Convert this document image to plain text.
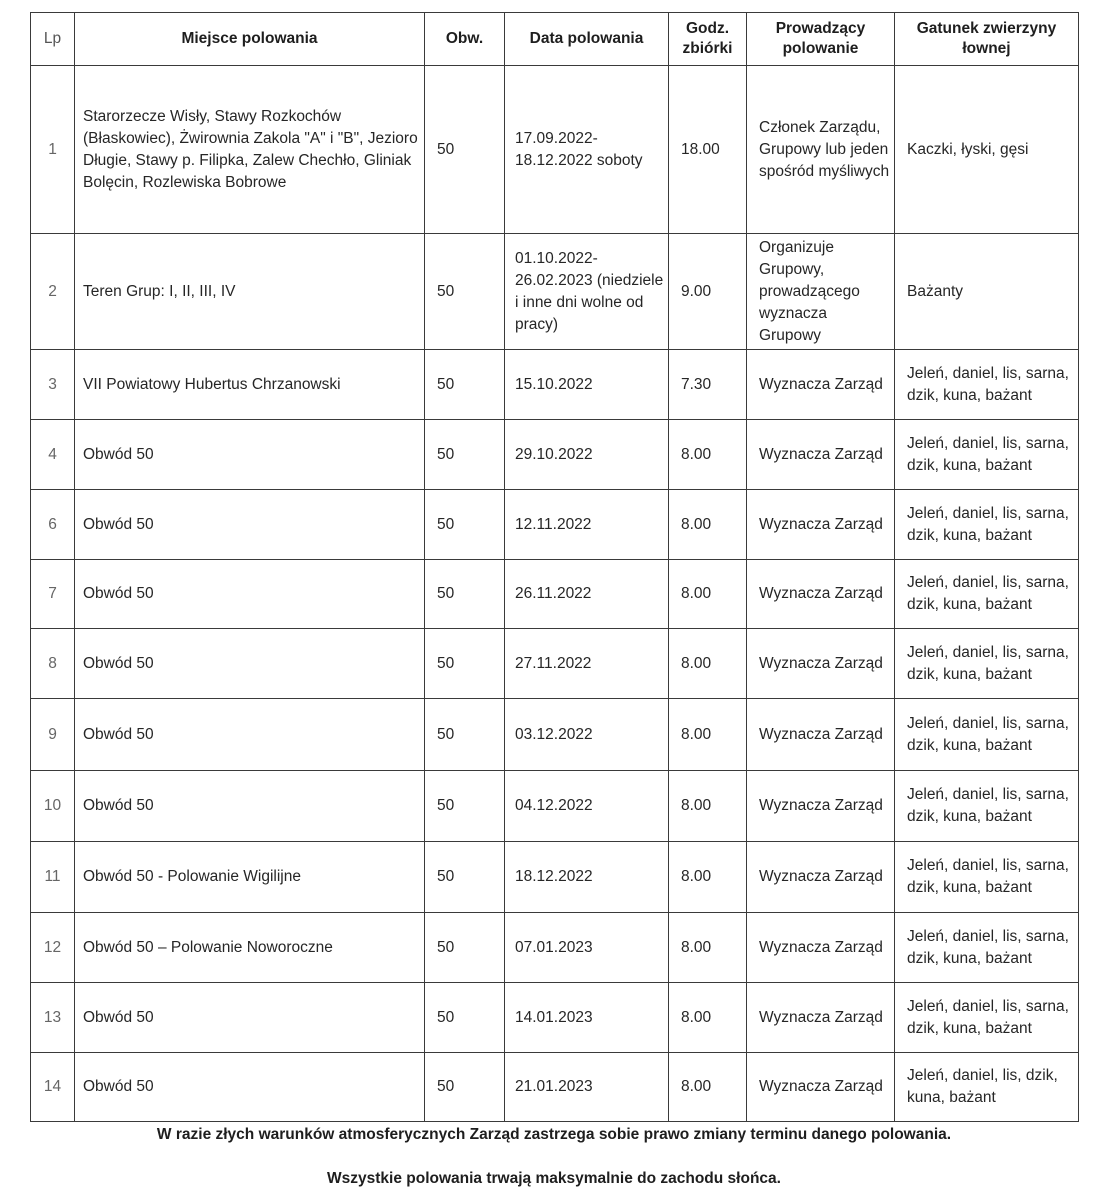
Lp	Miejsce polowania	Obw.	Data polowania	Godz. zbiórki	Prowadzący polowanie	Gatunek zwierzyny łownej
1	Starorzecze Wisły, Stawy Rozkochów (Błaskowiec), Żwirownia Zakola "A" i "B", Jezioro Długie, Stawy p. Filipka, Zalew Chechło, Gliniak Bolęcin, Rozlewiska Bobrowe	50	17.09.2022- 18.12.2022 soboty	18.00	Członek Zarządu, Grupowy lub jeden spośród myśliwych	Kaczki, łyski, gęsi
2	Teren Grup: I, II, III, IV	50	01.10.2022- 26.02.2023 (niedziele i inne dni wolne od pracy)	9.00	Organizuje Grupowy, prowadzącego wyznacza Grupowy	Bażanty
3	VII Powiatowy Hubertus Chrzanowski	50	15.10.2022	7.30	Wyznacza Zarząd	Jeleń, daniel, lis, sarna, dzik, kuna, bażant
4	Obwód 50	50	29.10.2022	8.00	Wyznacza Zarząd	Jeleń, daniel, lis, sarna, dzik, kuna, bażant
6	Obwód 50	50	12.11.2022	8.00	Wyznacza Zarząd	Jeleń, daniel, lis, sarna, dzik, kuna, bażant
7	Obwód 50	50	26.11.2022	8.00	Wyznacza Zarząd	Jeleń, daniel, lis, sarna, dzik, kuna, bażant
8	Obwód 50	50	27.11.2022	8.00	Wyznacza Zarząd	Jeleń, daniel, lis, sarna, dzik, kuna, bażant
9	Obwód 50	50	03.12.2022	8.00	Wyznacza Zarząd	Jeleń, daniel, lis, sarna, dzik, kuna, bażant
10	Obwód 50	50	04.12.2022	8.00	Wyznacza Zarząd	Jeleń, daniel, lis, sarna, dzik, kuna, bażant
11	Obwód 50 - Polowanie Wigilijne	50	18.12.2022	8.00	Wyznacza Zarząd	Jeleń, daniel, lis, sarna, dzik, kuna, bażant
12	Obwód 50 – Polowanie Noworoczne	50	07.01.2023	8.00	Wyznacza Zarząd	Jeleń, daniel, lis, sarna, dzik, kuna, bażant
13	Obwód 50	50	14.01.2023	8.00	Wyznacza Zarząd	Jeleń, daniel, lis, sarna, dzik, kuna, bażant
14	Obwód 50	50	21.01.2023	8.00	Wyznacza Zarząd	Jeleń, daniel, lis, dzik, kuna, bażant
W razie złych warunków atmosferycznych Zarząd zastrzega sobie prawo zmiany terminu danego polowania.
Wszystkie polowania trwają maksymalnie do zachodu słońca.
